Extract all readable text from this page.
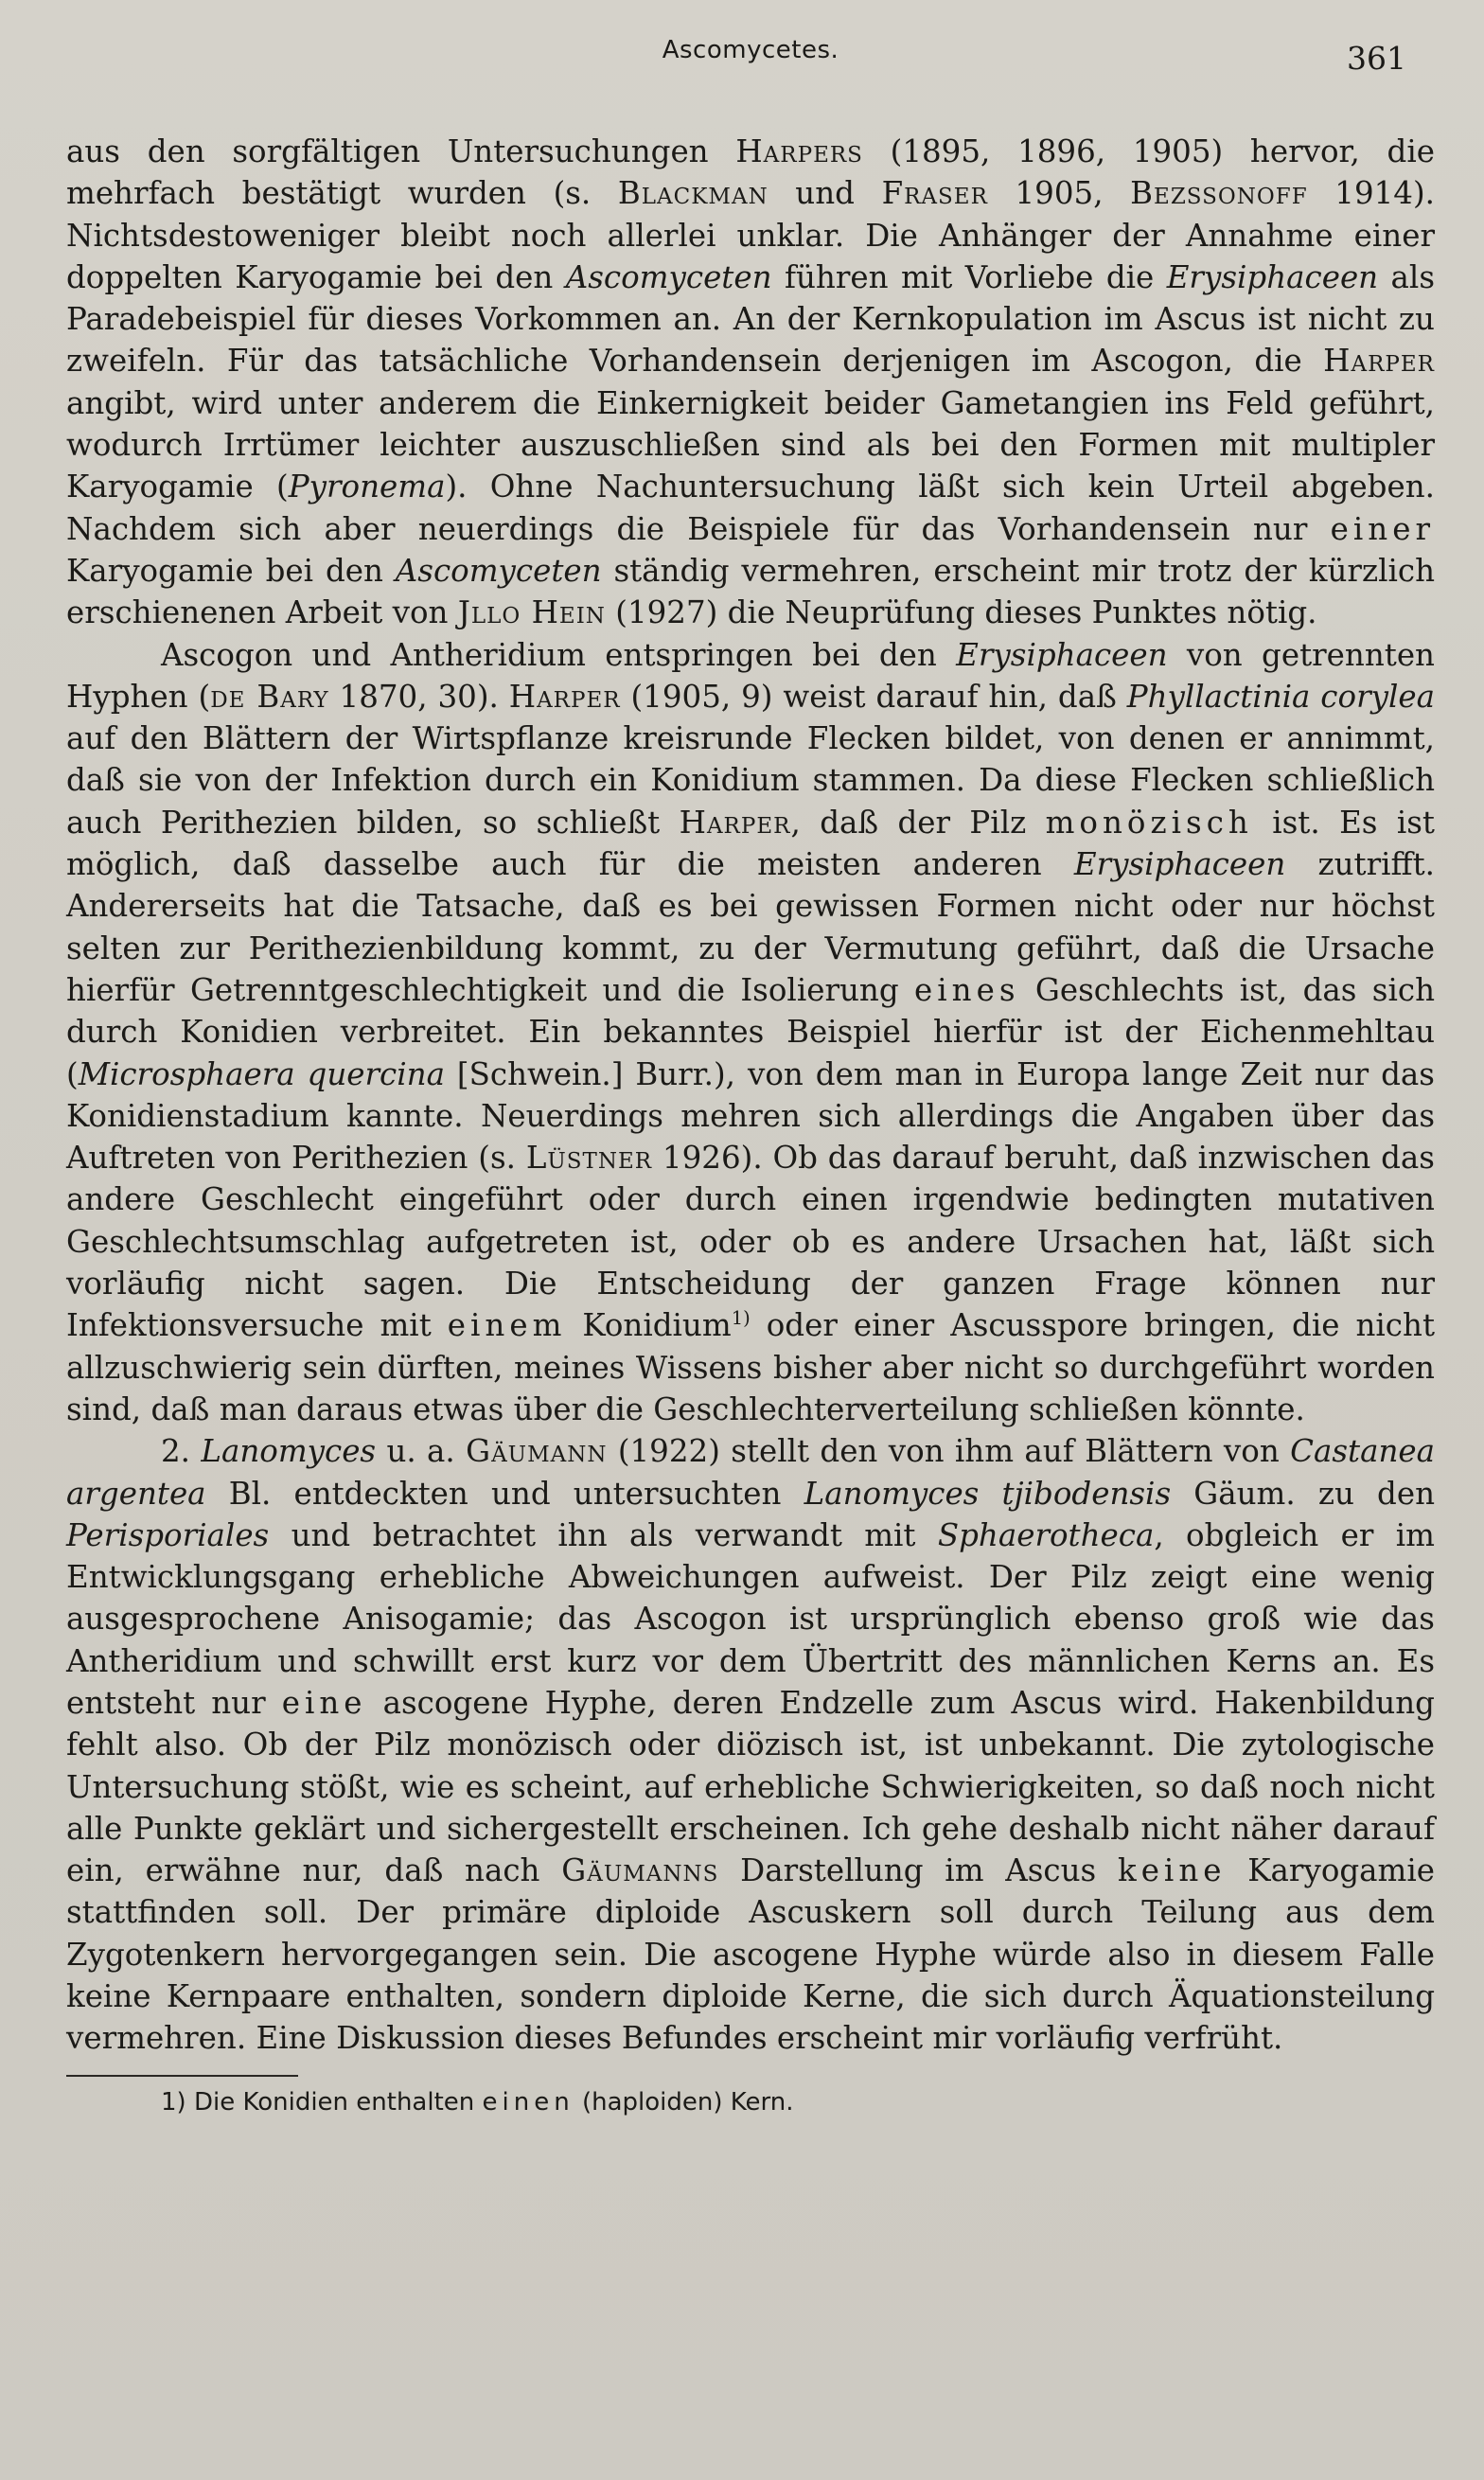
Ascomycetes.	361

aus den sorgfältigen Untersuchungen Harpers (1895, 1896, 1905) hervor, die mehrfach bestätigt wurden (s. Blackman und Fraser 1905, Bezssonoff 1914). Nichtsdestoweniger bleibt noch allerlei unklar. Die Anhänger der Annahme einer doppelten Karyogamie bei den Ascomyceten führen mit Vorliebe die Erysiphaceen als Paradebeispiel für dieses Vorkommen an. An der Kernkopulation im Ascus ist nicht zu zweifeln. Für das tatsächliche Vorhandensein derjenigen im Ascogon, die Harper angibt, wird unter anderem die Einkernigkeit beider Gametangien ins Feld geführt, wodurch Irrtümer leichter auszuschließen sind als bei den Formen mit multipler Karyogamie (Pyronema). Ohne Nachuntersuchung läßt sich kein Urteil abgeben. Nachdem sich aber neuerdings die Beispiele für das Vorhandensein nur einer Karyogamie bei den Ascomyceten ständig vermehren, erscheint mir trotz der kürzlich erschienenen Arbeit von Jllo Hein (1927) die Neuprüfung dieses Punktes nötig.

Ascogon und Antheridium entspringen bei den Erysiphaceen von getrennten Hyphen (de Bary 1870, 30). Harper (1905, 9) weist darauf hin, daß Phyllactinia corylea auf den Blättern der Wirtspflanze kreisrunde Flecken bildet, von denen er annimmt, daß sie von der Infektion durch ein Konidium stammen. Da diese Flecken schließlich auch Perithezien bilden, so schließt Harper, daß der Pilz monözisch ist. Es ist möglich, daß dasselbe auch für die meisten anderen Erysiphaceen zutrifft. Andererseits hat die Tatsache, daß es bei gewissen Formen nicht oder nur höchst selten zur Perithezienbildung kommt, zu der Vermutung geführt, daß die Ursache hierfür Getrenntgeschlechtigkeit und die Isolierung eines Geschlechts ist, das sich durch Konidien verbreitet. Ein bekanntes Beispiel hierfür ist der Eichenmehltau (Microsphaera quercina [Schwein.] Burr.), von dem man in Europa lange Zeit nur das Konidienstadium kannte. Neuerdings mehren sich allerdings die Angaben über das Auftreten von Perithezien (s. Lüstner 1926). Ob das darauf beruht, daß inzwischen das andere Geschlecht eingeführt oder durch einen irgendwie bedingten mutativen Geschlechtsumschlag aufgetreten ist, oder ob es andere Ursachen hat, läßt sich vorläufig nicht sagen. Die Entscheidung der ganzen Frage können nur Infektionsversuche mit einem Konidium$^{1)}$ oder einer Ascusspore bringen, die nicht allzuschwierig sein dürften, meines Wissens bisher aber nicht so durchgeführt worden sind, daß man daraus etwas über die Geschlechterverteilung schließen könnte.

2. Lanomyces u. a. Gäumann (1922) stellt den von ihm auf Blättern von Castanea argentea Bl. entdeckten und untersuchten Lanomyces tjibodensis Gäum. zu den Perisporiales und betrachtet ihn als verwandt mit Sphaerotheca, obgleich er im Entwicklungsgang erhebliche Abweichungen aufweist. Der Pilz zeigt eine wenig ausgesprochene Anisogamie; das Ascogon ist ursprünglich ebenso groß wie das Antheridium und schwillt erst kurz vor dem Übertritt des männlichen Kerns an. Es entsteht nur eine ascogene Hyphe, deren Endzelle zum Ascus wird. Hakenbildung fehlt also. Ob der Pilz monözisch oder diözisch ist, ist unbekannt. Die zytologische Untersuchung stößt, wie es scheint, auf erhebliche Schwierigkeiten, so daß noch nicht alle Punkte geklärt und sichergestellt erscheinen. Ich gehe deshalb nicht näher darauf ein, erwähne nur, daß nach Gäumanns Darstellung im Ascus keine Karyogamie stattfinden soll. Der primäre diploide Ascuskern soll durch Teilung aus dem Zygotenkern hervorgegangen sein. Die ascogene Hyphe würde also in diesem Falle keine Kernpaare enthalten, sondern diploide Kerne, die sich durch Äquationsteilung vermehren. Eine Diskussion dieses Befundes erscheint mir vorläufig verfrüht.

1) Die Konidien enthalten einen (haploiden) Kern.
